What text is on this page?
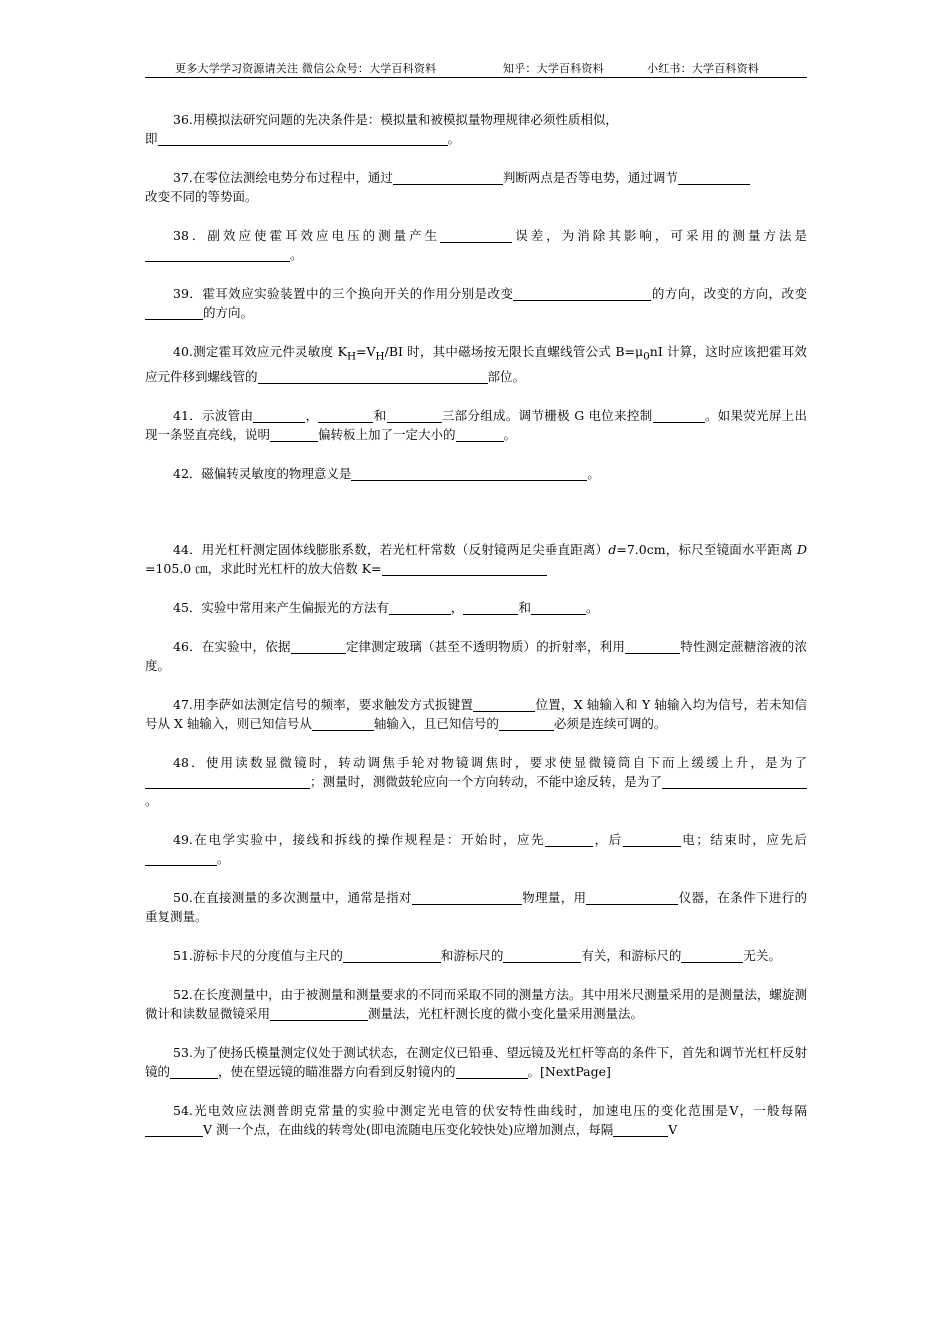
更多大学学习资源请关注 微信公众号：大学百科资料	知乎：大学百科资料	小红书：大学百科资料

36.用模拟法研究问题的先决条件是：模拟量和被模拟量物理规律必须性质相似，
即	。

37.在零位法测绘电势分布过程中，通过	判断两点是否等电势，通过调节
改变不同的等势面。

38．副效应使霍耳效应电压的测量产生	误差，为消除其影响，可采用的测量方法是。

39．霍耳效应实验装置中的三个换向开关的作用分别是改变	的方向，改变的方向，改变的方向。

40.测定霍耳效应元件灵敏度 $K_H=V_H/BI$ 时，其中磁场按无限长直螺线管公式 $B=\mu_0nI$ 计算，这时应该把霍耳效应元件移到螺线管的	部位。

41．示波管由	，	和	三部分组成。调节栅极 G 电位来控制	。如果荧光屏上出现一条竖直亮线，说明	偏转板上加了一定大小的	。

42．磁偏转灵敏度的物理意义是	。

44．用光杠杆测定固体线膨胀系数，若光杠杆常数（反射镜两足尖垂直距离）d=7.0cm，标尺至镜面水平距离 D=105.0 ㎝，求此时光杠杆的放大倍数 K=

45．实验中常用来产生偏振光的方法有	，	和	。

46．在实验中，依据	定律测定玻璃（甚至不透明物质）的折射率，利用	特性测定蔗糖溶液的浓度。

47.用李萨如法测定信号的频率，要求触发方式扳键置	位置，X 轴输入和 Y 轴输入均为信号，若未知信号从 X 轴输入，则已知信号从	轴输入，且已知信号的	必须是连续可调的。

48．使用读数显微镜时，转动调焦手轮对物镜调焦时，要求使显微镜筒自下而上缓缓上升，是为了；测量时，测微鼓轮应向一个方向转动，不能中途反转，是为了。

49.在电学实验中，接线和拆线的操作规程是：开始时，应先	，后	电；结束时，应先后。

50.在直接测量的多次测量中，通常是指对	物理量，用	仪器，在条件下进行的重复测量。

51.游标卡尺的分度值与主尺的	和游标尺的	有关，和游标尺的	无关。

52.在长度测量中，由于被测量和测量要求的不同而采取不同的测量方法。其中用米尺测量采用的是测量法，螺旋测微计和读数显微镜采用	测量法，光杠杆测长度的微小变化量采用测量法。

53.为了使扬氏模量测定仪处于测试状态，在测定仪已铅垂、望远镜及光杠杆等高的条件下，首先和调节光杠杆反射镜的	，使在望远镜的瞄准器方向看到反射镜内的	。[NextPage]

54.光电效应法测普朗克常量的实验中测定光电管的伏安特性曲线时，加速电压的变化范围是V，一般每隔V 测一个点，在曲线的转弯处(即电流随电压变化较快处)应增加测点，每隔	V
